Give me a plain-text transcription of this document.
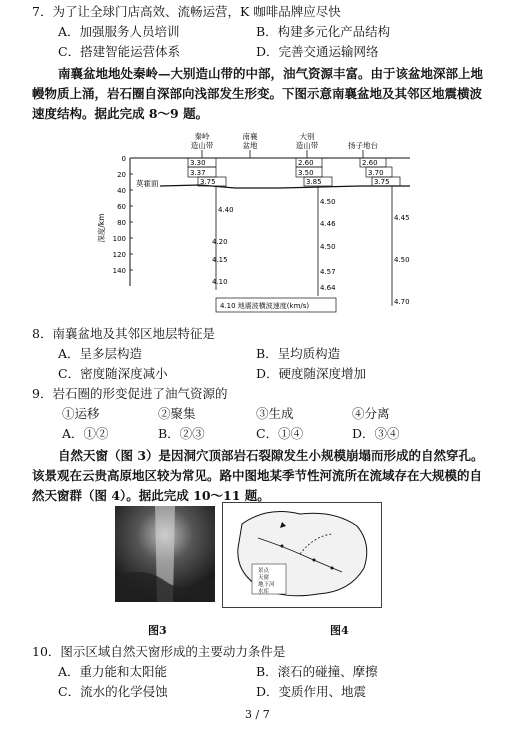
7．为了让全球门店高效、流畅运营，K 咖啡品牌应尽快
A．加强服务人员培训	B．构建多元化产品结构
C．搭建智能运营体系	D．完善交通运输网络
南襄盆地地处秦岭—大别造山带的中部，油气资源丰富。由于该盆地深部上地
幔物质上涌，岩石圈自深部向浅部发生形变。下图示意南襄盆地及其邻区地震横波
速度结构。据此完成 8～9 题。
秦岭
造山带
南襄
盆地
大别
造山带	扬子地台
0
20
40
60
80
100
120
140
深度/km
莫霍面
3.30
3.37
3.75
4.40
4.20
4.15
4.10
2.60
3.50
3.85
4.50
4.46
4.50
4.57
4.64
2.60
3.70
3.75
4.45
4.50
4.70
4.10 地震波横波速度(km/s)
8．南襄盆地及其邻区地层特征是
A．呈多层构造	B．呈均质构造
C．密度随深度减小	D．硬度随深度增加
9．岩石圈的形变促进了油气资源的
①运移	②聚集	③生成	④分离
A．①②	B．②③	C．①④	D．③④
自然天窗（图 3）是因洞穴顶部岩石裂隙发生小规模崩塌而形成的自然穿孔。
该景观在云贵高原地区较为常见。路中图地某季节性河流所在流域存在大规模的自
然天窗群（图 4）。据此完成 10～11 题。
图3
景点
天窗
地下河
水库
图4
10．图示区域自然天窗形成的主要动力条件是
A．重力能和太阳能	B．滚石的碰撞、摩擦
C．流水的化学侵蚀	D．变质作用、地震
3 / 7
